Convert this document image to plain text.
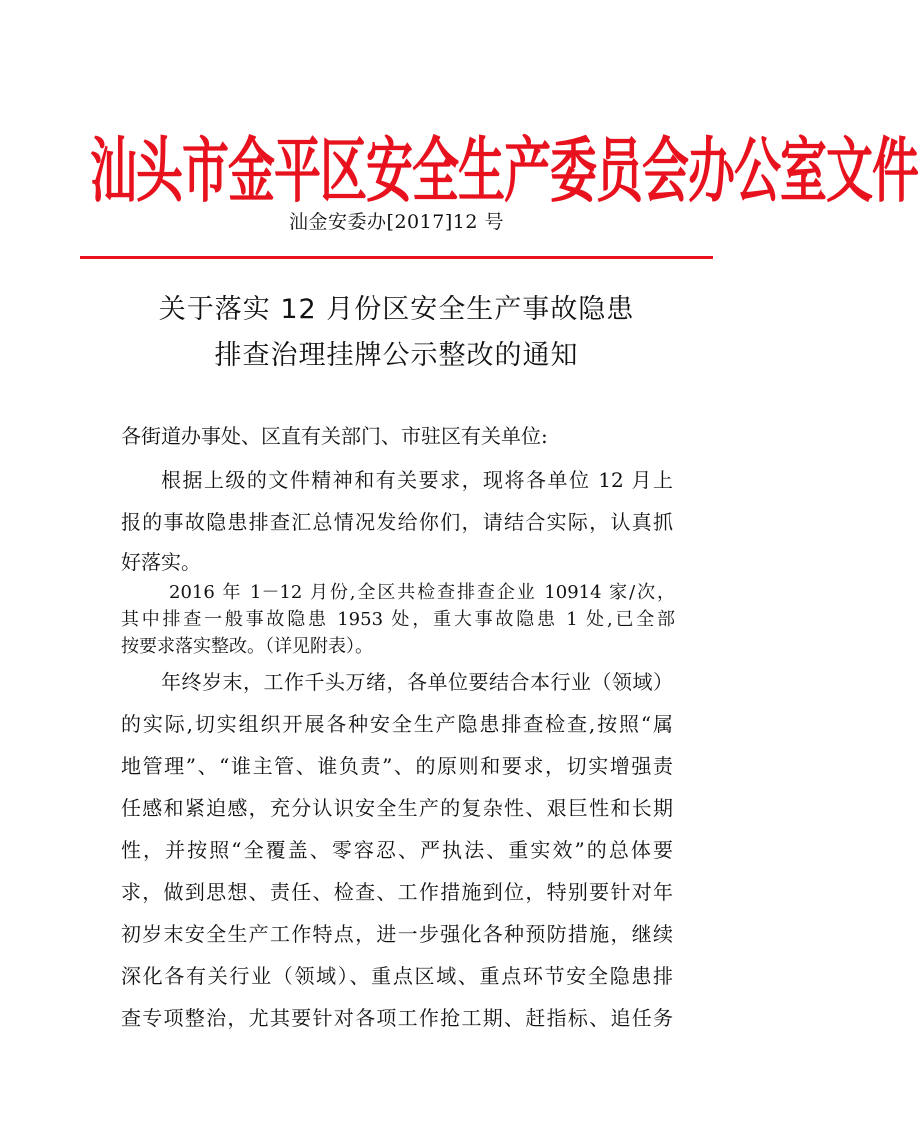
汕头市金平区安全生产委员会办公室文件
汕金安委办[2017]12 号
关于落实 12 月份区安全生产事故隐患
排查治理挂牌公示整改的通知
各街道办事处、区直有关部门、市驻区有关单位:
根据上级的文件精神和有关要求，现将各单位 12 月上
报的事故隐患排查汇总情况发给你们，请结合实际，认真抓
好落实。
2016 年 1－12 月份,全区共检查排查企业 10914 家/次，
其中排查一般事故隐患 1953 处，重大事故隐患 1 处,已全部
按要求落实整改。（详见附表）。
年终岁末，工作千头万绪，各单位要结合本行业（领域）
的实际,切实组织开展各种安全生产隐患排查检查,按照“属
地管理”、“谁主管、谁负责”、的原则和要求，切实增强责
任感和紧迫感，充分认识安全生产的复杂性、艰巨性和长期
性，并按照“全覆盖、零容忍、严执法、重实效”的总体要
求，做到思想、责任、检查、工作措施到位，特别要针对年
初岁末安全生产工作特点，进一步强化各种预防措施，继续
深化各有关行业（领域）、重点区域、重点环节安全隐患排
查专项整治，尤其要针对各项工作抢工期、赶指标、追任务
